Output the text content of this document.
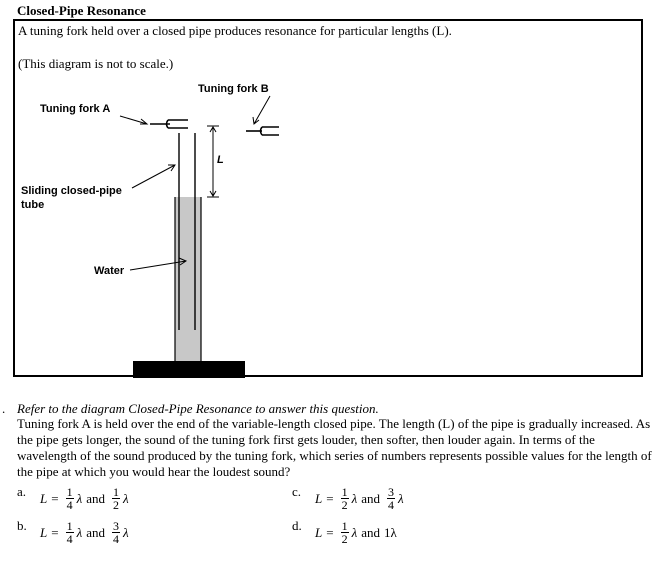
Closed-Pipe Resonance
A tuning fork held over a closed pipe produces resonance for particular lengths (L).
(This diagram is not to scale.)
Tuning fork A
Tuning fork B
L
Sliding closed-pipe
tube
Water
. Refer to the diagram Closed-Pipe Resonance to answer this question.
Tuning fork A is held over the end of the variable-length closed pipe. The length (L) of the pipe is gradually increased. As the pipe gets longer, the sound of the tuning fork first gets louder, then softer, then louder again. In terms of the wavelength of the sound produced by the tuning fork, which series of numbers represents possible values for the length of the pipe at which you would hear the loudest sound?
a. $L = \frac{1}{4}$ λ and $\frac{1}{2}$ λ
b. $L = \frac{1}{4}$ λ and $\frac{3}{4}$ λ
c. $L = \frac{1}{2}$ λ and $\frac{3}{4}$ λ
d. $L = \frac{1}{2}$ λ and 1λ
